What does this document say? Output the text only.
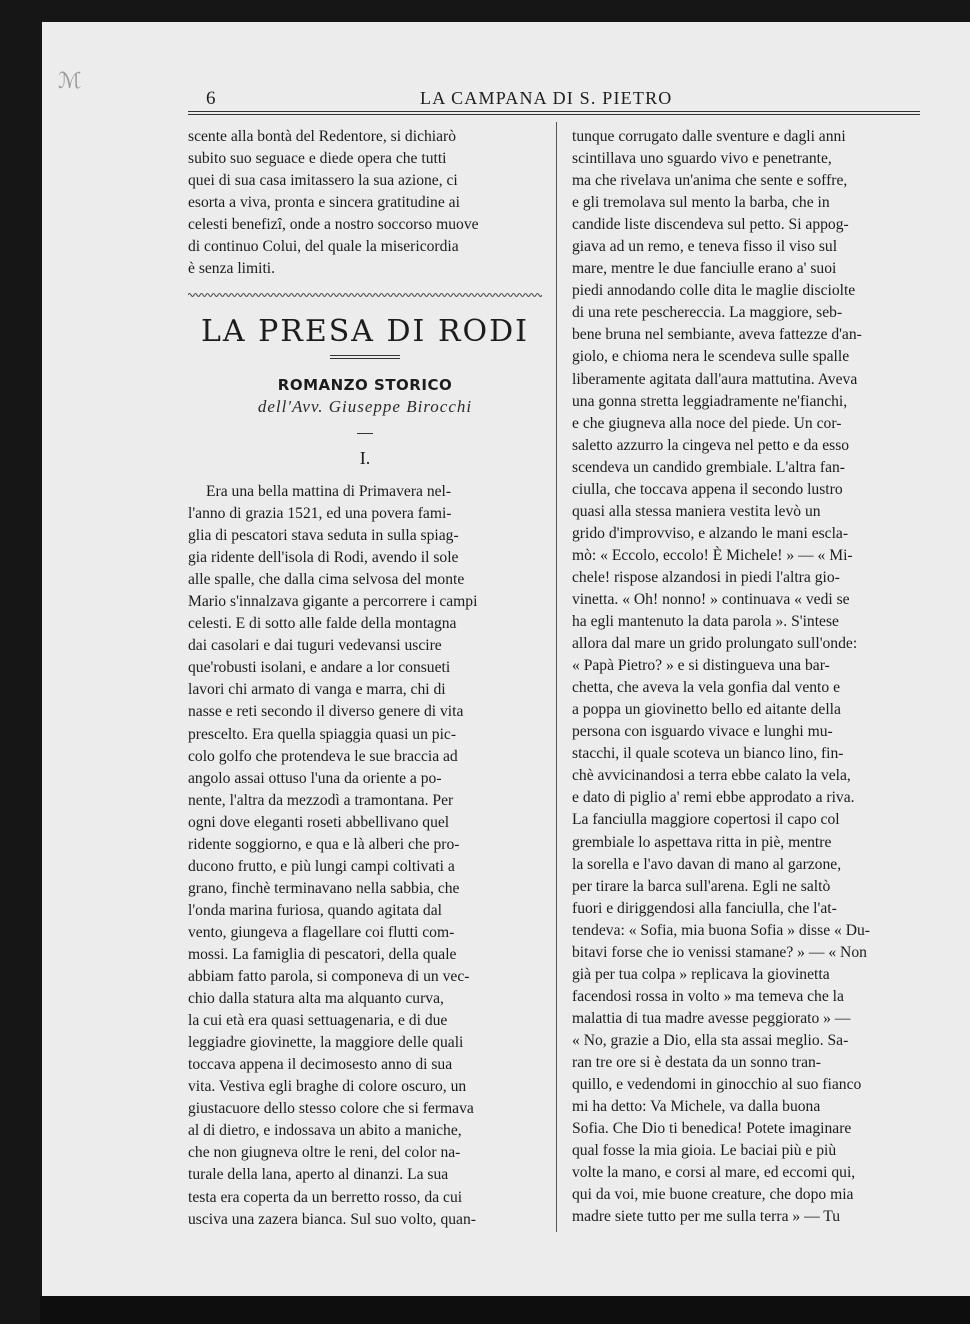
ℳ
6	LA CAMPANA DI S. PIETRO

scente alla bontà del Redentore, si dichiarò
subito suo seguace e diede opera che tutti
quei di sua casa imitassero la sua azione, ci
esorta a viva, pronta e sincera gratitudine ai
celesti benefizî, onde a nostro soccorso muove
di continuo Colui, del quale la misericordia
è senza limiti.

LA PRESA DI RODI
ROMANZO STORICO
dell'Avv. Giuseppe Birocchi
I.

Era una bella mattina di Primavera nel-
l'anno di grazia 1521, ed una povera fami-
glia di pescatori stava seduta in sulla spiag-
gia ridente dell'isola di Rodi, avendo il sole
alle spalle, che dalla cima selvosa del monte
Mario s'innalzava gigante a percorrere i campi
celesti. E di sotto alle falde della montagna
dai casolari e dai tuguri vedevansi uscire
que'robusti isolani, e andare a lor consueti
lavori chi armato di vanga e marra, chi di
nasse e reti secondo il diverso genere di vita
prescelto. Era quella spiaggia quasi un pic-
colo golfo che protendeva le sue braccia ad
angolo assai ottuso l'una da oriente a po-
nente, l'altra da mezzodì a tramontana. Per
ogni dove eleganti roseti abbellivano quel
ridente soggiorno, e qua e là alberi che pro-
ducono frutto, e più lungi campi coltivati a
grano, finchè terminavano nella sabbia, che
l'onda marina furiosa, quando agitata dal
vento, giungeva a flagellare coi flutti com-
mossi. La famiglia di pescatori, della quale
abbiam fatto parola, si componeva di un vec-
chio dalla statura alta ma alquanto curva,
la cui età era quasi settuagenaria, e di due
leggiadre giovinette, la maggiore delle quali
toccava appena il decimosesto anno di sua
vita. Vestiva egli braghe di colore oscuro, un
giustacuore dello stesso colore che si fermava
al di dietro, e indossava un abito a maniche,
che non giugneva oltre le reni, del color na-
turale della lana, aperto al dinanzi. La sua
testa era coperta da un berretto rosso, da cui
usciva una zazera bianca. Sul suo volto, quan-

tunque corrugato dalle sventure e dagli anni
scintillava uno sguardo vivo e penetrante,
ma che rivelava un'anima che sente e soffre,
e gli tremolava sul mento la barba, che in
candide liste discendeva sul petto. Si appog-
giava ad un remo, e teneva fisso il viso sul
mare, mentre le due fanciulle erano a' suoi
piedi annodando colle dita le maglie disciolte
di una rete peschereccia. La maggiore, seb-
bene bruna nel sembiante, aveva fattezze d'an-
giolo, e chioma nera le scendeva sulle spalle
liberamente agitata dall'aura mattutina. Aveva
una gonna stretta leggiadramente ne'fianchi,
e che giugneva alla noce del piede. Un cor-
saletto azzurro la cingeva nel petto e da esso
scendeva un candido grembiale. L'altra fan-
ciulla, che toccava appena il secondo lustro
quasi alla stessa maniera vestita levò un
grido d'improvviso, e alzando le mani escla-
mò: « Eccolo, eccolo! È Michele! » — « Mi-
chele! rispose alzandosi in piedi l'altra gio-
vinetta. « Oh! nonno! » continuava « vedi se
ha egli mantenuto la data parola ». S'intese
allora dal mare un grido prolungato sull'onde:
« Papà Pietro? » e si distingueva una bar-
chetta, che aveva la vela gonfia dal vento e
a poppa un giovinetto bello ed aitante della
persona con isguardo vivace e lunghi mu-
stacchi, il quale scoteva un bianco lino, fin-
chè avvicinandosi a terra ebbe calato la vela,
e dato di piglio a' remi ebbe approdato a riva.
La fanciulla maggiore copertosi il capo col
grembiale lo aspettava ritta in piè, mentre
la sorella e l'avo davan di mano al garzone,
per tirare la barca sull'arena. Egli ne saltò
fuori e diriggendosi alla fanciulla, che l'at-
tendeva: « Sofia, mia buona Sofia » disse « Du-
bitavi forse che io venissi stamane? » — « Non
già per tua colpa » replicava la giovinetta
facendosi rossa in volto » ma temeva che la
malattia di tua madre avesse peggiorato » —
« No, grazie a Dio, ella sta assai meglio. Sa-
ran tre ore si è destata da un sonno tran-
quillo, e vedendomi in ginocchio al suo fianco
mi ha detto: Va Michele, va dalla buona
Sofia. Che Dio ti benedica! Potete imaginare
qual fosse la mia gioia. Le baciai più e più
volte la mano, e corsi al mare, ed eccomi qui,
qui da voi, mie buone creature, che dopo mia
madre siete tutto per me sulla terra » — Tu
